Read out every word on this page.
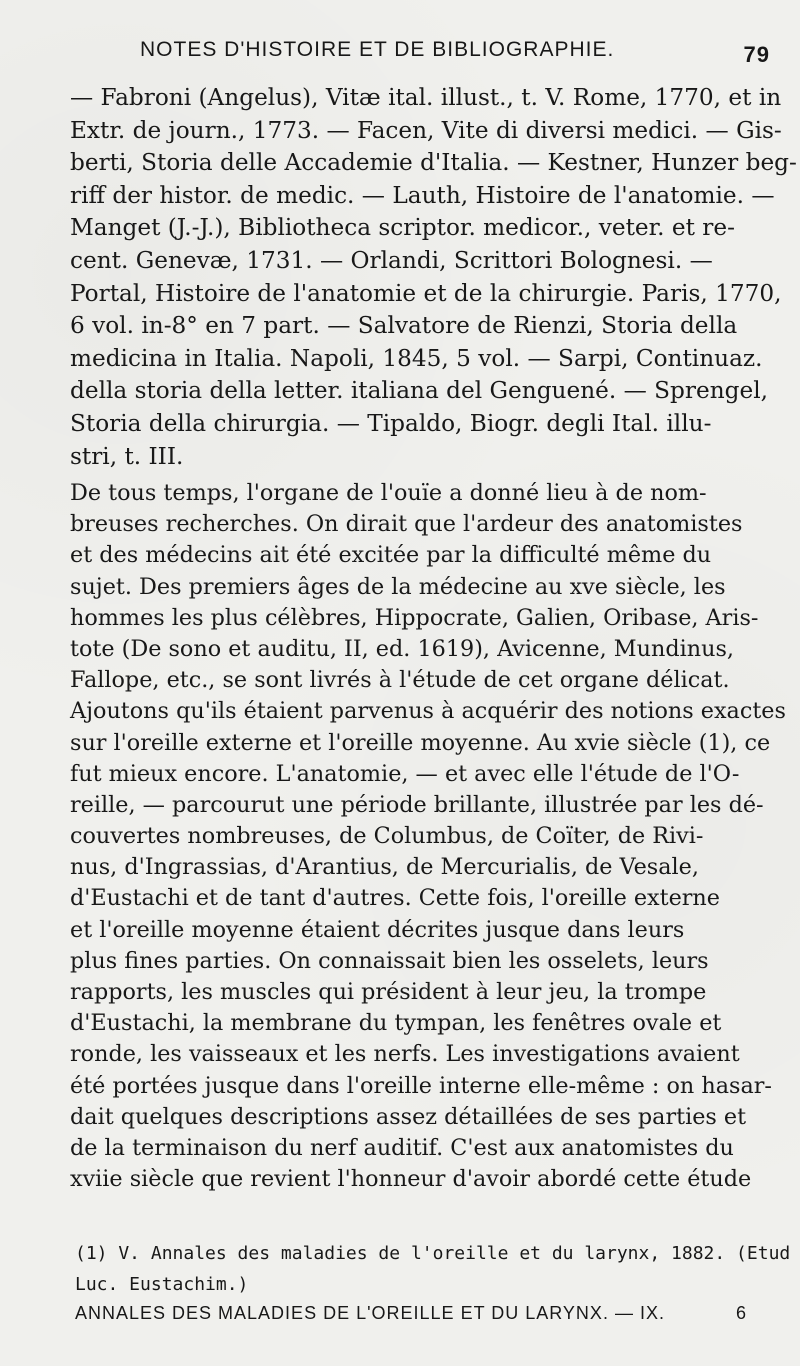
NOTES D'HISTOIRE ET DE BIBLIOGRAPHIE.	79
— Fabroni (Angelus), Vitæ ital. illust., t. V. Rome, 1770, et in
Extr. de journ., 1773. — Facen, Vite di diversi medici. — Gis-
berti, Storia delle Accademie d'Italia. — Kestner, Hunzer beg-
riff der histor. de medic. — Lauth, Histoire de l'anatomie. —
Manget (J.-J.), Bibliotheca scriptor. medicor., veter. et re-
cent. Genevæ, 1731. — Orlandi, Scrittori Bolognesi. —
Portal, Histoire de l'anatomie et de la chirurgie. Paris, 1770,
6 vol. in-8° en 7 part. — Salvatore de Rienzi, Storia della
medicina in Italia. Napoli, 1845, 5 vol. — Sarpi, Continuaz.
della storia della letter. italiana del Genguené. — Sprengel,
Storia della chirurgia. — Tipaldo, Biogr. degli Ital. illu-
stri, t. III.
De tous temps, l'organe de l'ouïe a donné lieu à de nom-
breuses recherches. On dirait que l'ardeur des anatomistes
et des médecins ait été excitée par la difficulté même du
sujet. Des premiers âges de la médecine au xve siècle, les
hommes les plus célèbres, Hippocrate, Galien, Oribase, Aris-
tote (De sono et auditu, II, ed. 1619), Avicenne, Mundinus,
Fallope, etc., se sont livrés à l'étude de cet organe délicat.
Ajoutons qu'ils étaient parvenus à acquérir des notions exactes
sur l'oreille externe et l'oreille moyenne. Au xvie siècle (1), ce
fut mieux encore. L'anatomie, — et avec elle l'étude de l'O-
reille, — parcourut une période brillante, illustrée par les dé-
couvertes nombreuses, de Columbus, de Coïter, de Rivi-
nus, d'Ingrassias, d'Arantius, de Mercurialis, de Vesale,
d'Eustachi et de tant d'autres. Cette fois, l'oreille externe
et l'oreille moyenne étaient décrites jusque dans leurs
plus fines parties. On connaissait bien les osselets, leurs
rapports, les muscles qui président à leur jeu, la trompe
d'Eustachi, la membrane du tympan, les fenêtres ovale et
ronde, les vaisseaux et les nerfs. Les investigations avaient
été portées jusque dans l'oreille interne elle-même : on hasar-
dait quelques descriptions assez détaillées de ses parties et
de la terminaison du nerf auditif. C'est aux anatomistes du
xviie siècle que revient l'honneur d'avoir abordé cette étude
(1) V. Annales des maladies de l'oreille et du larynx, 1882. (Etud
Luc. Eustachim.)
ANNALES DES MALADIES DE L'OREILLE ET DU LARYNX. — IX.	6
